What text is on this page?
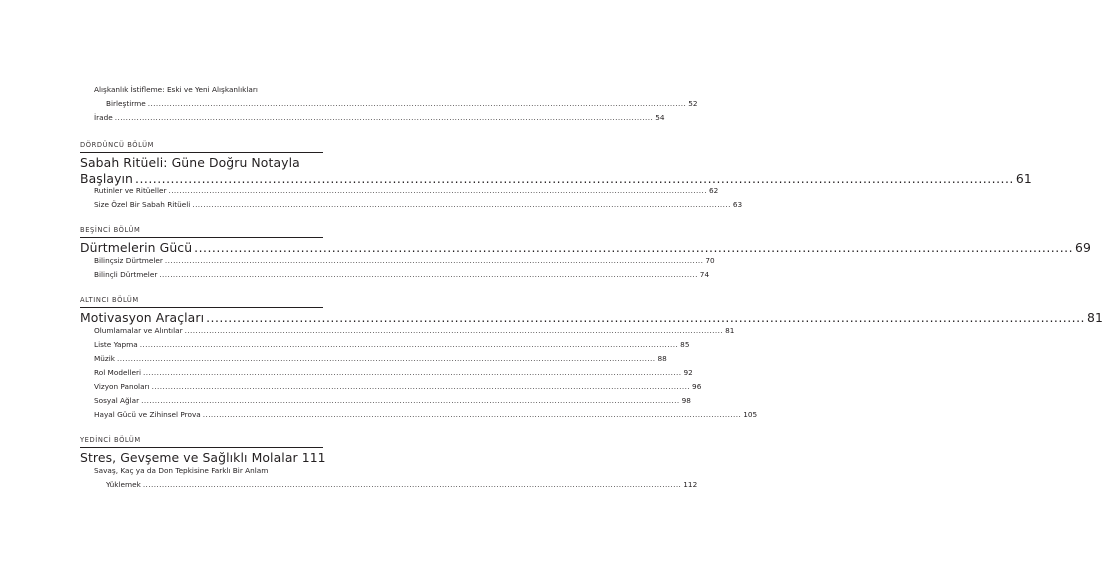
Alışkanlık İstifleme: Eski ve Yeni Alışkanlıkları
Birleştirme .....	52
İrade .....	54
DÖRDÜNCÜ BÖLÜM
Sabah Ritüeli: Güne Doğru Notayla
Başlayın .....	61
Rutinler ve Ritüeller .....	62
Size Özel Bir Sabah Ritüeli .....	63
BEŞİNCİ BÖLÜM
Dürtmelerin Gücü .....	69
Bilinçsiz Dürtmeler .....	70
Bilinçli Dürtmeler .....	74
ALTINCI BÖLÜM
Motivasyon Araçları .....	81
Olumlamalar ve Alıntılar .....	81
Liste Yapma .....	85
Müzik .....	88
Rol Modelleri .....	92
Vizyon Panoları .....	96
Sosyal Ağlar .....	98
Hayal Gücü ve Zihinsel Prova .....	105
YEDİNCİ BÖLÜM
Stres, Gevşeme ve Sağlıklı Molalar 111
Savaş, Kaç ya da Don Tepkisine Farklı Bir Anlam
Yüklemek .....	112
